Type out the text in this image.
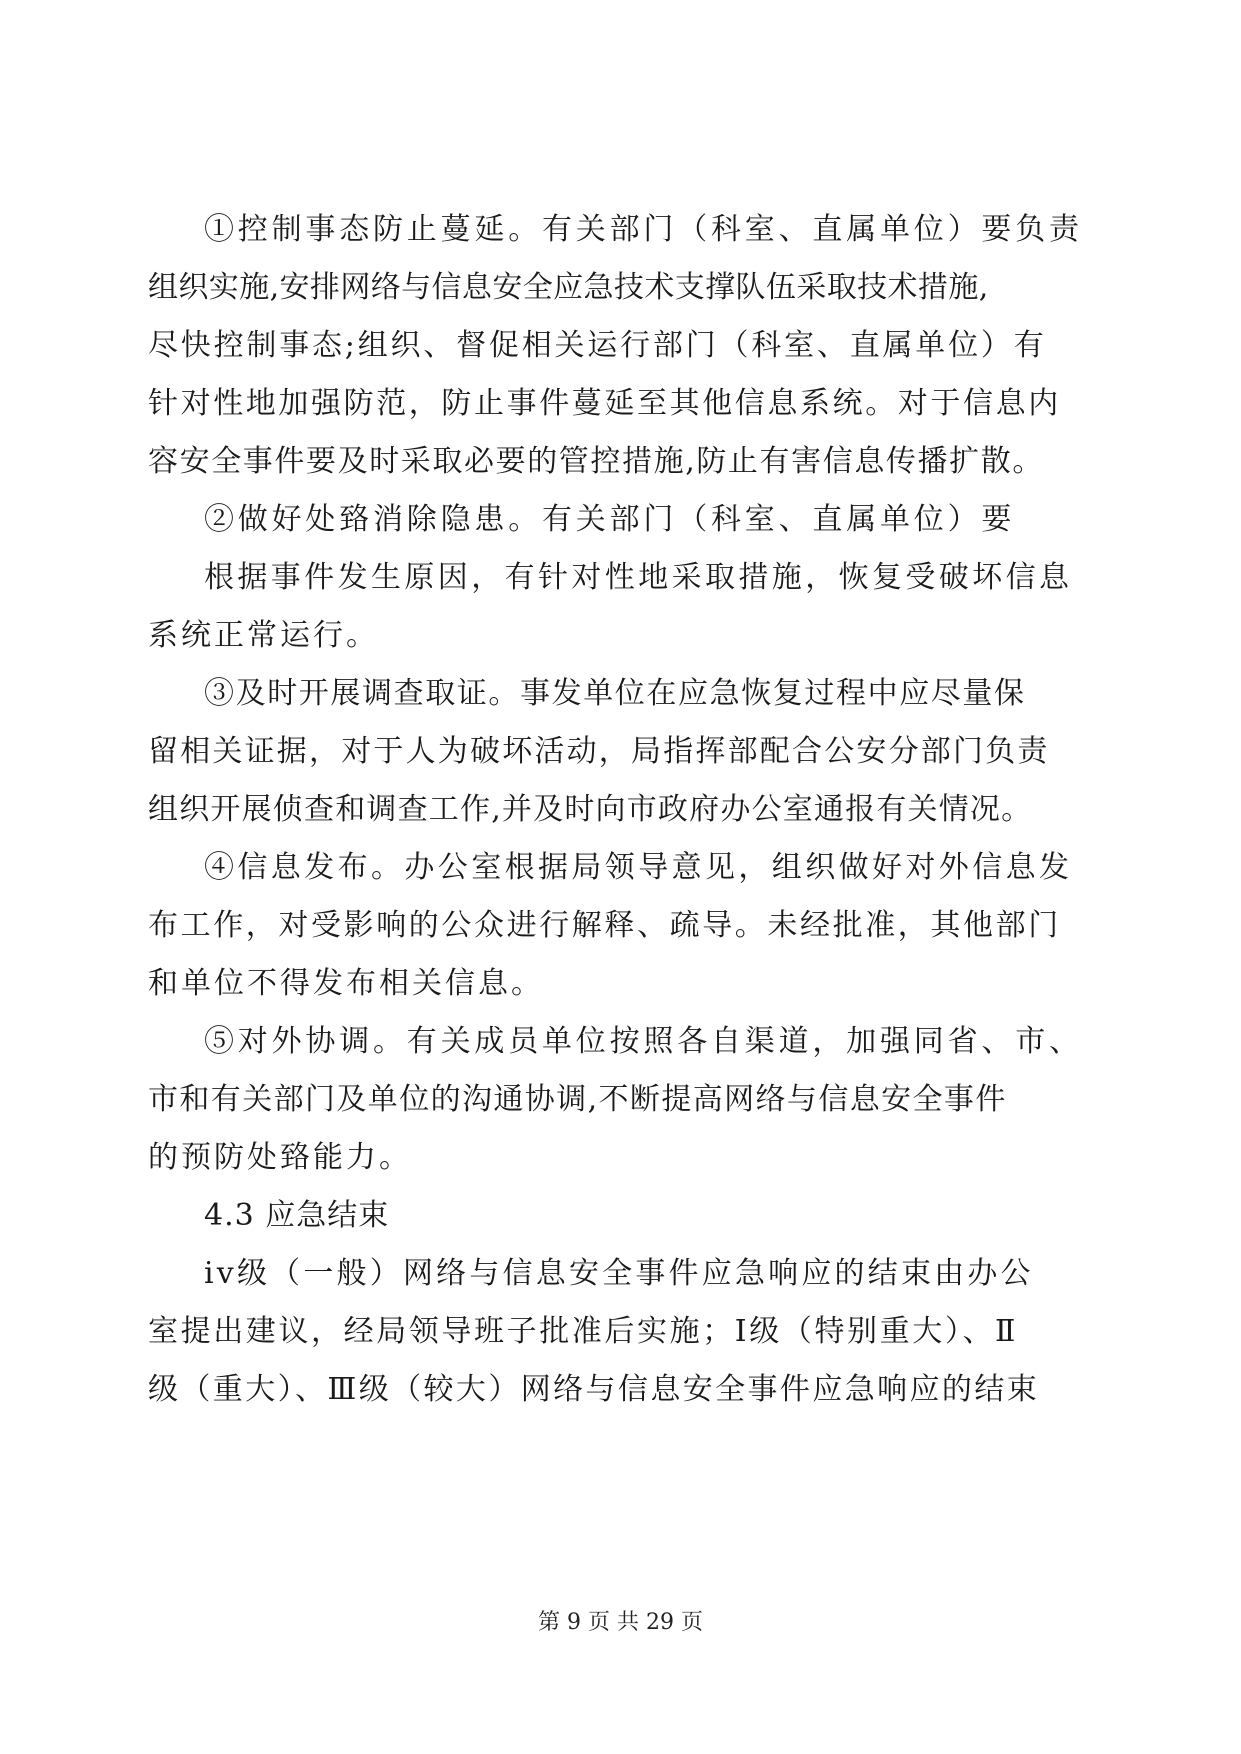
①控制事态防止蔓延。有关部门（科室、直属单位）要负责
组织实施,安排网络与信息安全应急技术支撑队伍采取技术措施,
尽快控制事态;组织、督促相关运行部门（科室、直属单位）有
针对性地加强防范，防止事件蔓延至其他信息系统。对于信息内
容安全事件要及时采取必要的管控措施,防止有害信息传播扩散。
②做好处臵消除隐患。有关部门（科室、直属单位）要
根据事件发生原因，有针对性地采取措施，恢复受破坏信息
系统正常运行。
③及时开展调查取证。事发单位在应急恢复过程中应尽量保
留相关证据，对于人为破坏活动，局指挥部配合公安分部门负责
组织开展侦查和调查工作,并及时向市政府办公室通报有关情况。
④信息发布。办公室根据局领导意见，组织做好对外信息发
布工作，对受影响的公众进行解释、疏导。未经批准，其他部门
和单位不得发布相关信息。
⑤对外协调。有关成员单位按照各自渠道，加强同省、市、
市和有关部门及单位的沟通协调,不断提高网络与信息安全事件
的预防处臵能力。
4.3 应急结束
iv级（一般）网络与信息安全事件应急响应的结束由办公
室提出建议，经局领导班子批准后实施；Ⅰ级（特别重大）、Ⅱ
级（重大）、Ⅲ级（较大）网络与信息安全事件应急响应的结束
第 9 页 共 29 页
